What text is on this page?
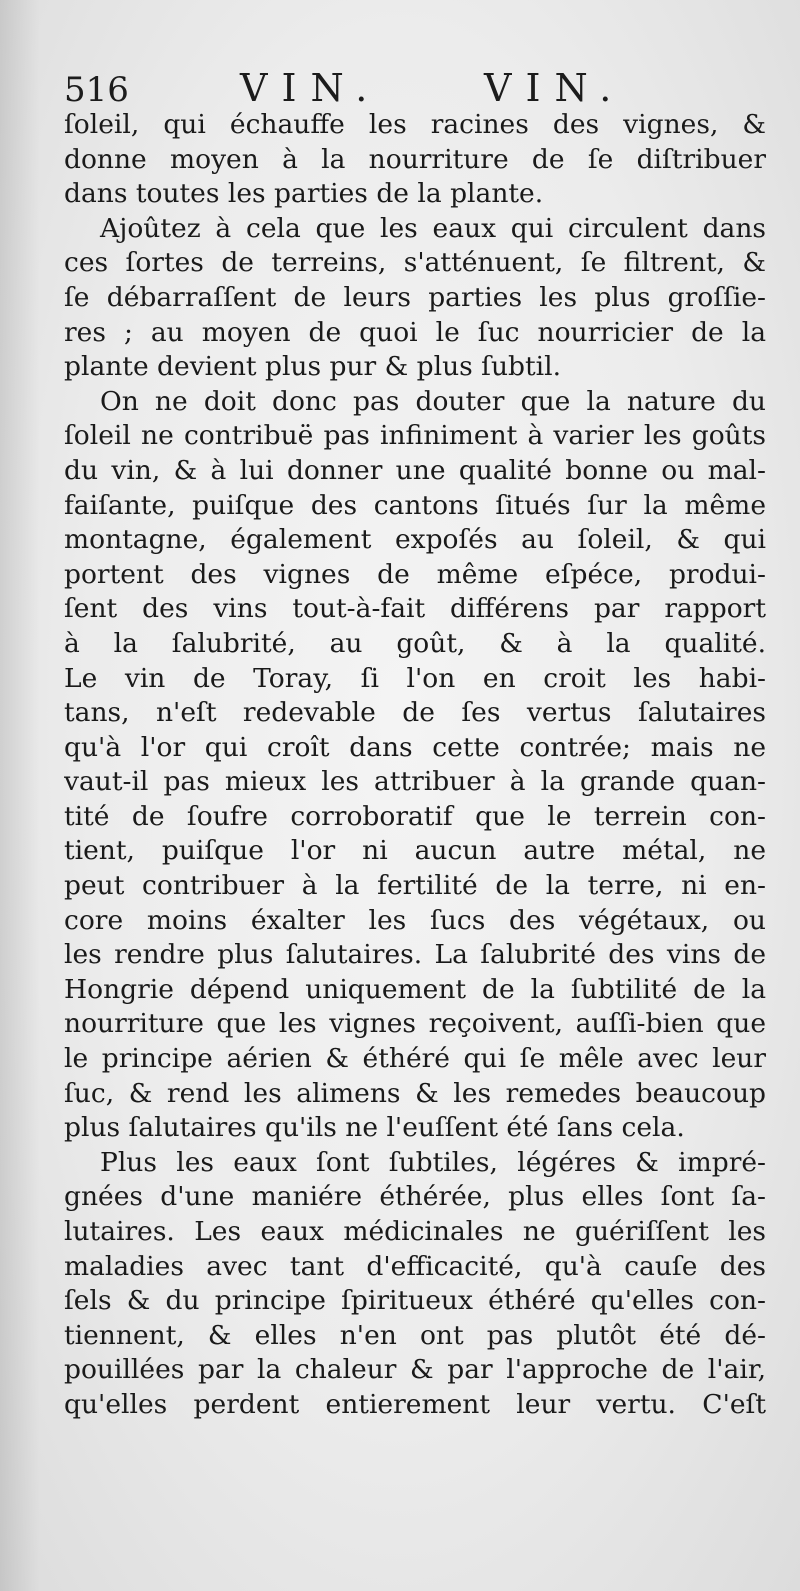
516	VIN.	VIN.
ſoleil, qui échauffe les racines des vignes, &
donne moyen à la nourriture de ſe diſtribuer
dans toutes les parties de la plante.
Ajoûtez à cela que les eaux qui circulent dans
ces ſortes de terreins, s'atténuent, ſe filtrent, &
ſe débarraſſent de leurs parties les plus groſſie-
res ; au moyen de quoi le ſuc nourricier de la
plante devient plus pur & plus ſubtil.
On ne doit donc pas douter que la nature du
ſoleil ne contribuë pas infiniment à varier les goûts
du vin, & à lui donner une qualité bonne ou mal-
faiſante, puiſque des cantons ſitués ſur la même
montagne, également expoſés au ſoleil, & qui
portent des vignes de même eſpéce, produi-
ſent des vins tout-à-fait différens par rapport
à la ſalubrité, au goût, & à la qualité.
Le vin de Toray, ſi l'on en croit les habi-
tans, n'eſt redevable de ſes vertus ſalutaires
qu'à l'or qui croît dans cette contrée; mais ne
vaut-il pas mieux les attribuer à la grande quan-
tité de ſoufre corroboratif que le terrein con-
tient, puiſque l'or ni aucun autre métal, ne
peut contribuer à la fertilité de la terre, ni en-
core moins éxalter les ſucs des végétaux, ou
les rendre plus ſalutaires. La ſalubrité des vins de
Hongrie dépend uniquement de la ſubtilité de la
nourriture que les vignes reçoivent, auſſi-bien que
le principe aérien & éthéré qui ſe mêle avec leur
ſuc, & rend les alimens & les remedes beaucoup
plus ſalutaires qu'ils ne l'euſſent été ſans cela.
Plus les eaux ſont ſubtiles, légéres & impré-
gnées d'une maniére éthérée, plus elles ſont ſa-
lutaires. Les eaux médicinales ne guériſſent les
maladies avec tant d'efficacité, qu'à cauſe des
ſels & du principe ſpiritueux éthéré qu'elles con-
tiennent, & elles n'en ont pas plutôt été dé-
pouillées par la chaleur & par l'approche de l'air,
qu'elles perdent entierement leur vertu. C'eſt
